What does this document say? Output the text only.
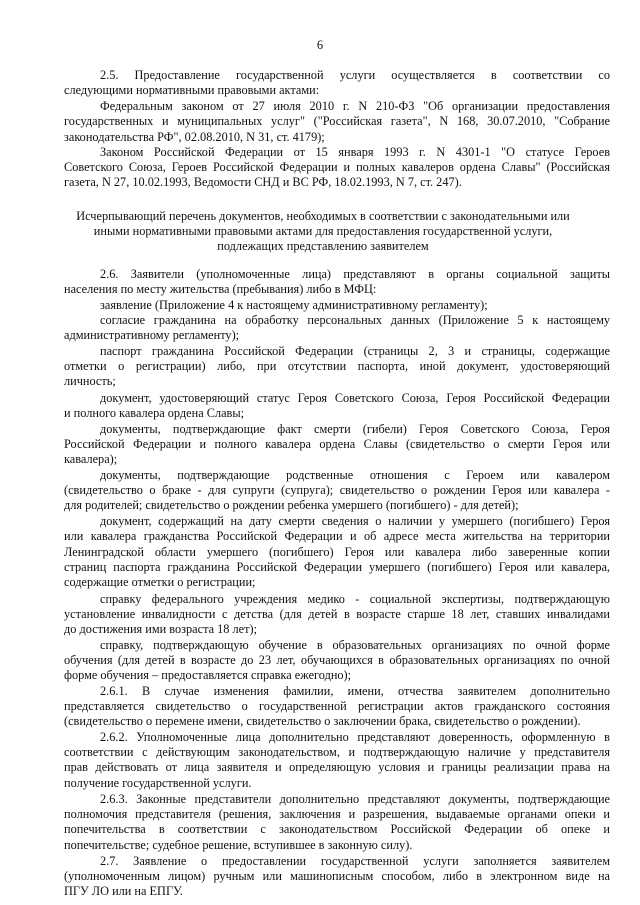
6
2.5. Предоставление государственной услуги осуществляется в соответствии со
следующими нормативными правовыми актами:
Федеральным законом от 27 июля 2010 г. N 210-ФЗ "Об организации предоставления
государственных и муниципальных услуг" ("Российская газета", N 168, 30.07.2010, "Собрание
законодательства РФ", 02.08.2010, N 31, ст. 4179);
Законом Российской Федерации от 15 января 1993 г. N 4301-1 "О статусе Героев
Советского Союза, Героев Российской Федерации и полных кавалеров ордена Славы" (Российская
газета, N 27, 10.02.1993, Ведомости СНД и ВС РФ, 18.02.1993, N 7, ст. 247).
Исчерпывающий перечень документов, необходимых в соответствии с законодательными или
иными нормативными правовыми актами для предоставления государственной услуги,
подлежащих представлению заявителем
2.6. Заявители (уполномоченные лица) представляют в органы социальной защиты
населения по месту жительства (пребывания) либо в МФЦ:
заявление (Приложение 4 к настоящему административному регламенту);
согласие гражданина на обработку персональных данных (Приложение 5 к настоящему
административному регламенту);
паспорт гражданина Российской Федерации (страницы 2, 3 и страницы, содержащие
отметки о регистрации) либо, при отсутствии паспорта, иной документ, удостоверяющий
личность;
документ, удостоверяющий статус Героя Советского Союза, Героя Российской Федерации
и полного кавалера ордена Славы;
документы, подтверждающие факт смерти (гибели) Героя Советского Союза, Героя
Российской Федерации и полного кавалера ордена Славы (свидетельство о смерти Героя или
кавалера);
документы, подтверждающие родственные отношения с Героем или кавалером
(свидетельство о браке - для супруги (супруга); свидетельство о рождении Героя или кавалера -
для родителей; свидетельство о рождении ребенка умершего (погибшего) - для детей);
документ, содержащий на дату смерти сведения о наличии у умершего (погибшего) Героя
или кавалера гражданства Российской Федерации и об адресе места жительства на территории
Ленинградской области умершего (погибшего) Героя или кавалера либо заверенные копии
страниц паспорта гражданина Российской Федерации умершего (погибшего) Героя или кавалера,
содержащие отметки о регистрации;
справку федерального учреждения медико - социальной экспертизы, подтверждающую
установление инвалидности с детства (для детей в возрасте старше 18 лет, ставших инвалидами
до достижения ими возраста 18 лет);
справку, подтверждающую обучение в образовательных организациях по очной форме
обучения (для детей в возрасте до 23 лет, обучающихся в образовательных организациях по очной
форме обучения – предоставляется справка ежегодно);
2.6.1. В случае изменения фамилии, имени, отчества заявителем дополнительно
представляется свидетельство о государственной регистрации актов гражданского состояния
(свидетельство о перемене имени, свидетельство о заключении брака, свидетельство о рождении).
2.6.2. Уполномоченные лица дополнительно представляют доверенность, оформленную в
соответствии с действующим законодательством, и подтверждающую наличие у представителя
прав действовать от лица заявителя и определяющую условия и границы реализации права на
получение государственной услуги.
2.6.3. Законные представители дополнительно представляют документы, подтверждающие
полномочия представителя (решения, заключения и разрешения, выдаваемые органами опеки и
попечительства в соответствии с законодательством Российской Федерации об опеке и
попечительстве; судебное решение, вступившее в законную силу).
2.7. Заявление о предоставлении государственной услуги заполняется заявителем
(уполномоченным лицом) ручным или машинописным способом, либо в электронном виде на
ПГУ ЛО или на ЕПГУ.
